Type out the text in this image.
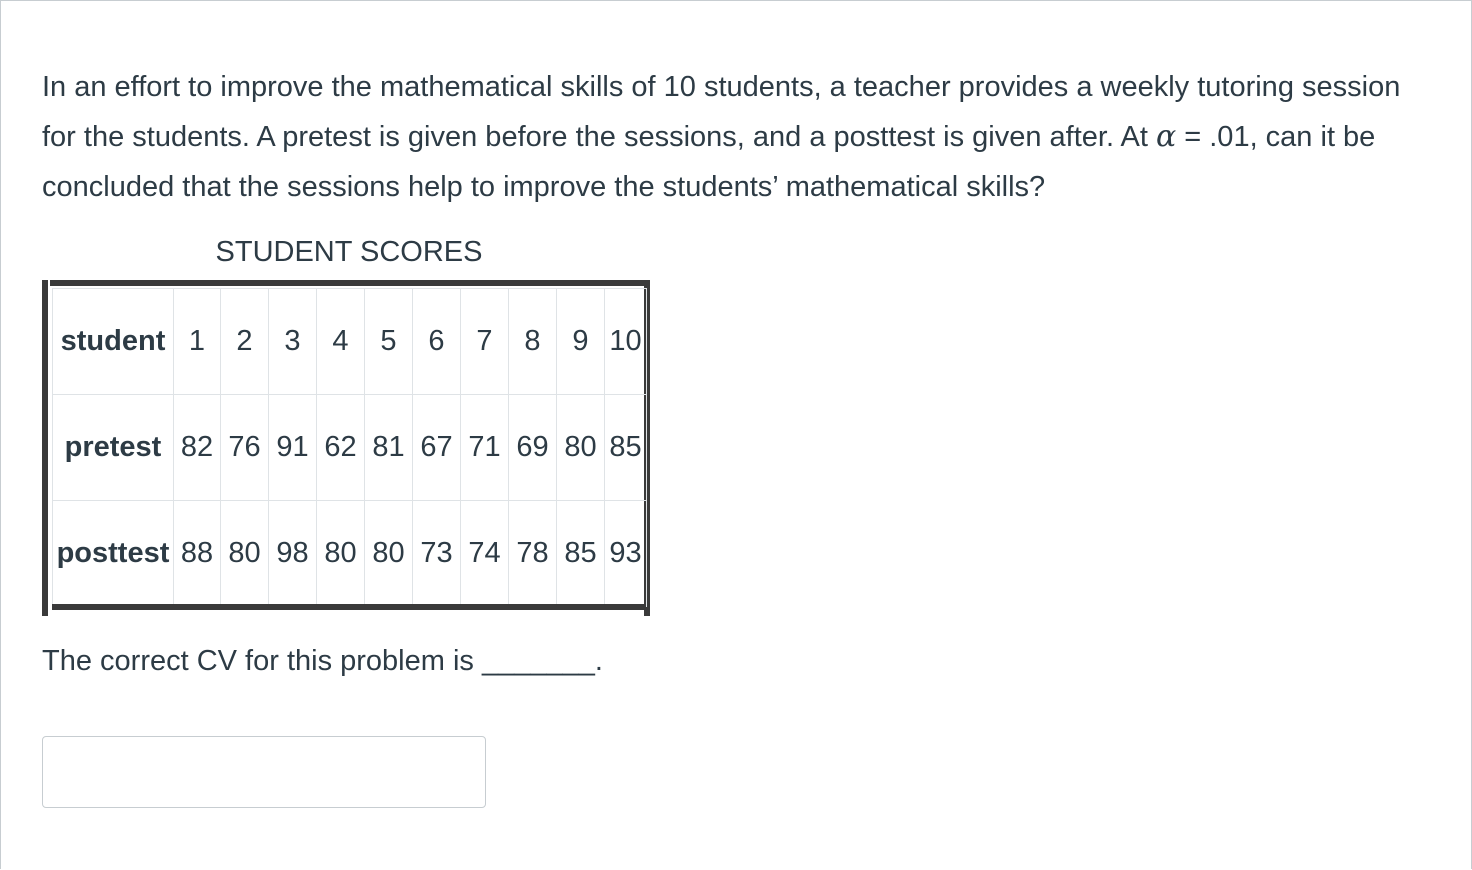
In an effort to improve the mathematical skills of 10 students, a teacher provides a weekly tutoring session for the students. A pretest is given before the sessions, and a posttest is given after. At α = .01, can it be concluded that the sessions help to improve the students’ mathematical skills?
STUDENT SCORES
student	1	2	3	4	5	6	7	8	9	10
pretest	82	76	91	62	81	67	71	69	80	85
posttest	88	80	98	80	80	73	74	78	85	93
The correct CV for this problem is _______.
